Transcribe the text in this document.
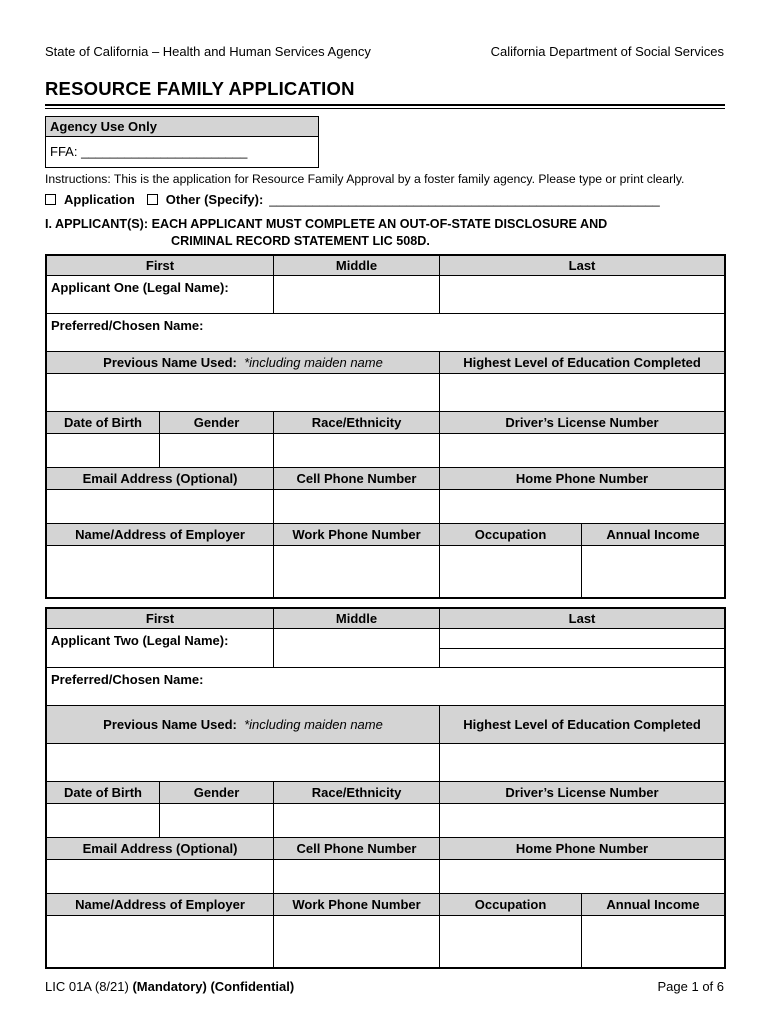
State of California – Health and Human Services Agency	California Department of Social Services
RESOURCE FAMILY APPLICATION
Agency Use Only
FFA: _______________________
Instructions: This is the application for Resource Family Approval by a foster family agency. Please type or print clearly.
Application Other (Specify): ______________________________________________________
I. APPLICANT(S): EACH APPLICANT MUST COMPLETE AN OUT-OF-STATE DISCLOSURE AND
CRIMINAL RECORD STATEMENT LIC 508D.
First		Middle	Last	
Applicant One (Legal Name):				
Preferred/Chosen Name:				
Previous Name Used: *including maiden name			Highest Level of Education Completed	

Date of Birth	Gender	Race/Ethnicity	Driver’s License Number	

Email Address (Optional)		Cell Phone Number	Home Phone Number	

Name/Address of Employer		Work Phone Number	Occupation	Annual Income

First		Middle	Last	
Applicant Two (Legal Name):				

Preferred/Chosen Name:				
Previous Name Used: *including maiden name			Highest Level of Education Completed	

Date of Birth	Gender	Race/Ethnicity	Driver’s License Number	

Email Address (Optional)		Cell Phone Number	Home Phone Number	

Name/Address of Employer		Work Phone Number	Occupation	Annual Income

LIC 01A (8/21) (Mandatory) (Confidential)	Page 1 of 6
